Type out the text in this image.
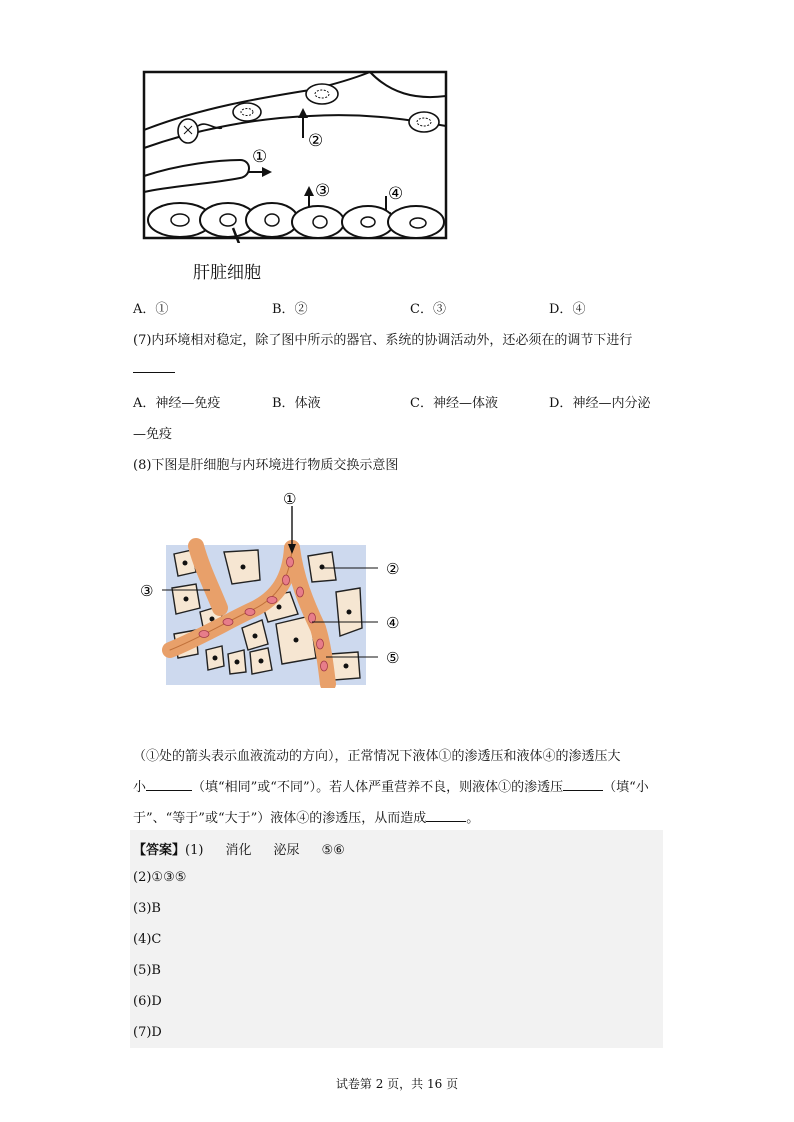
②
①
③	④
肝脏细胞
A．①	B．②	C．③	D．④
(7)内环境相对稳定，除了图中所示的器官、系统的协调活动外，还必须在的调节下进行
A．神经—免疫	B．体液	C．神经—体液	D．神经—内分泌
—免疫
(8)下图是肝细胞与内环境进行物质交换示意图
①
②
③
④
⑤
（①处的箭头表示血液流动的方向），正常情况下液体①的渗透压和液体④的渗透压大
小	（填“相同”或“不同”）。若人体严重营养不良，则液体①的渗透压	（填“小
于”、“等于”或“大于”）液体④的渗透压，从而造成	。
【答案】(1) 消化 泌尿 ⑤⑥
(2)①③⑤
(3)B
(4)C
(5)B
(6)D
(7)D
试卷第 2 页，共 16 页
